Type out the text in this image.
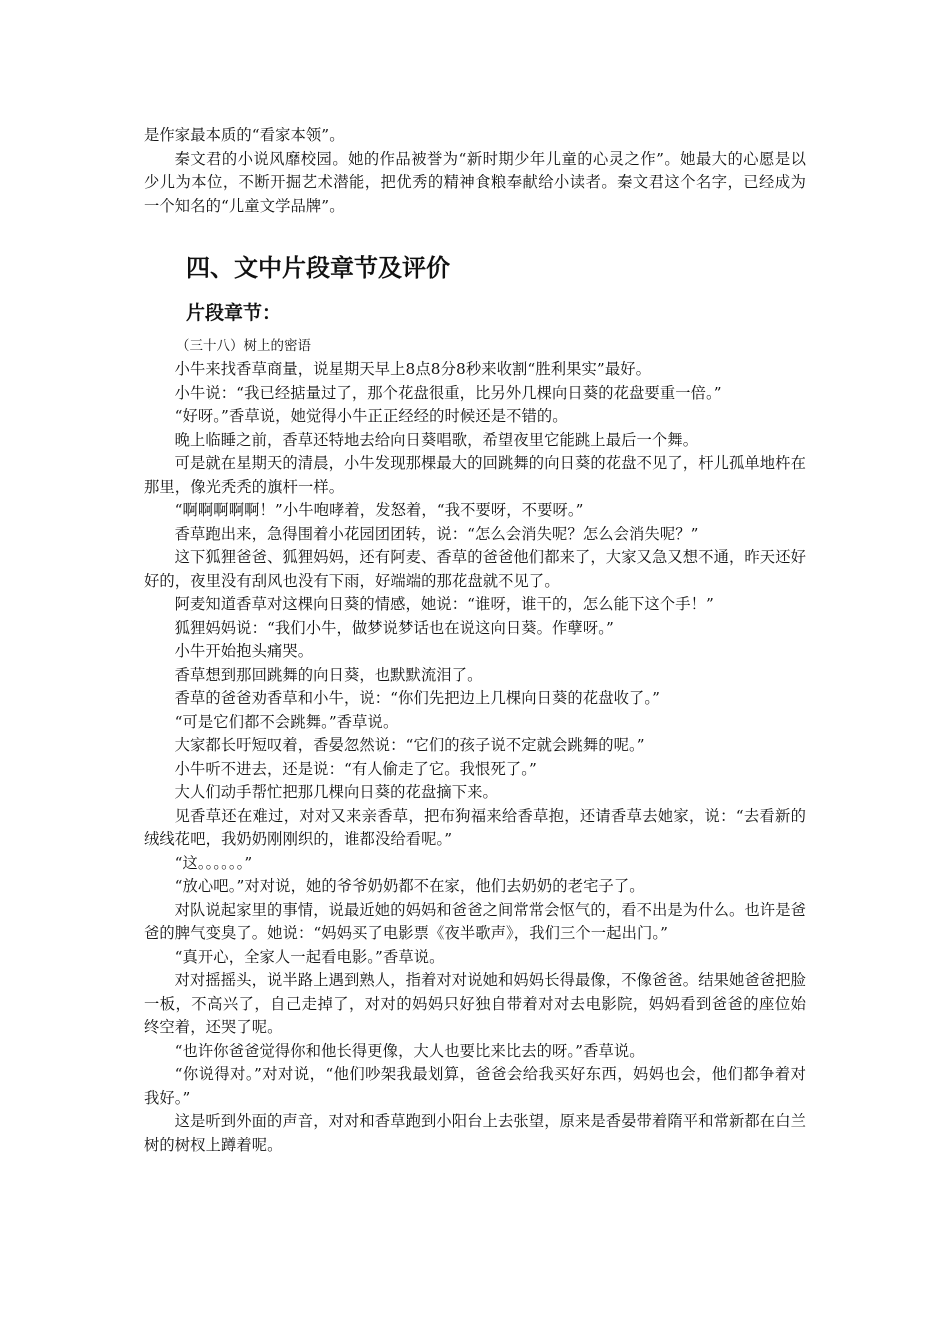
是作家最本质的“看家本领”。

秦文君的小说风靡校园。她的作品被誉为“新时期少年儿童的心灵之作”。她最大的心愿是以少儿为本位，不断开掘艺术潜能，把优秀的精神食粮奉献给小读者。秦文君这个名字，已经成为一个知名的“儿童文学品牌”。

四、文中片段章节及评价
片段章节：
（三十八）树上的密语

小牛来找香草商量，说星期天早上8点8分8秒来收割“胜利果实”最好。

小牛说：“我已经掂量过了，那个花盘很重，比另外几棵向日葵的花盘要重一倍。”

“好呀。”香草说，她觉得小牛正正经经的时候还是不错的。

晚上临睡之前，香草还特地去给向日葵唱歌，希望夜里它能跳上最后一个舞。

可是就在星期天的清晨，小牛发现那棵最大的回跳舞的向日葵的花盘不见了，杆儿孤单地杵在那里，像光秃秃的旗杆一样。

“啊啊啊啊啊！”小牛咆哮着，发怒着，“我不要呀，不要呀。”

香草跑出来，急得围着小花园团团转，说：“怎么会消失呢？怎么会消失呢？”

这下狐狸爸爸、狐狸妈妈，还有阿麦、香草的爸爸他们都来了，大家又急又想不通，昨天还好好的，夜里没有刮风也没有下雨，好端端的那花盘就不见了。

阿麦知道香草对这棵向日葵的情感，她说：“谁呀，谁干的，怎么能下这个手！”

狐狸妈妈说：“我们小牛，做梦说梦话也在说这向日葵。作孽呀。”

小牛开始抱头痛哭。

香草想到那回跳舞的向日葵，也默默流泪了。

香草的爸爸劝香草和小牛，说：“你们先把边上几棵向日葵的花盘收了。”

“可是它们都不会跳舞。”香草说。

大家都长吁短叹着，香晏忽然说：“它们的孩子说不定就会跳舞的呢。”

小牛听不进去，还是说：“有人偷走了它。我恨死了。”

大人们动手帮忙把那几棵向日葵的花盘摘下来。

见香草还在难过，对对又来亲香草，把布狗福来给香草抱，还请香草去她家，说：“去看新的绒线花吧，我奶奶刚刚织的，谁都没给看呢。”

“这。。。。。。”

“放心吧。”对对说，她的爷爷奶奶都不在家，他们去奶奶的老宅子了。

对队说起家里的事情，说最近她的妈妈和爸爸之间常常会怄气的，看不出是为什么。也许是爸爸的脾气变臭了。她说：“妈妈买了电影票《夜半歌声》，我们三个一起出门。”

“真开心，全家人一起看电影。”香草说。

对对摇摇头，说半路上遇到熟人，指着对对说她和妈妈长得最像，不像爸爸。结果她爸爸把脸一板，不高兴了，自己走掉了，对对的妈妈只好独自带着对对去电影院，妈妈看到爸爸的座位始终空着，还哭了呢。

“也许你爸爸觉得你和他长得更像，大人也要比来比去的呀。”香草说。

“你说得对。”对对说，“他们吵架我最划算，爸爸会给我买好东西，妈妈也会，他们都争着对我好。”

这是听到外面的声音，对对和香草跑到小阳台上去张望，原来是香晏带着隋平和常新都在白兰树的树杈上蹲着呢。
